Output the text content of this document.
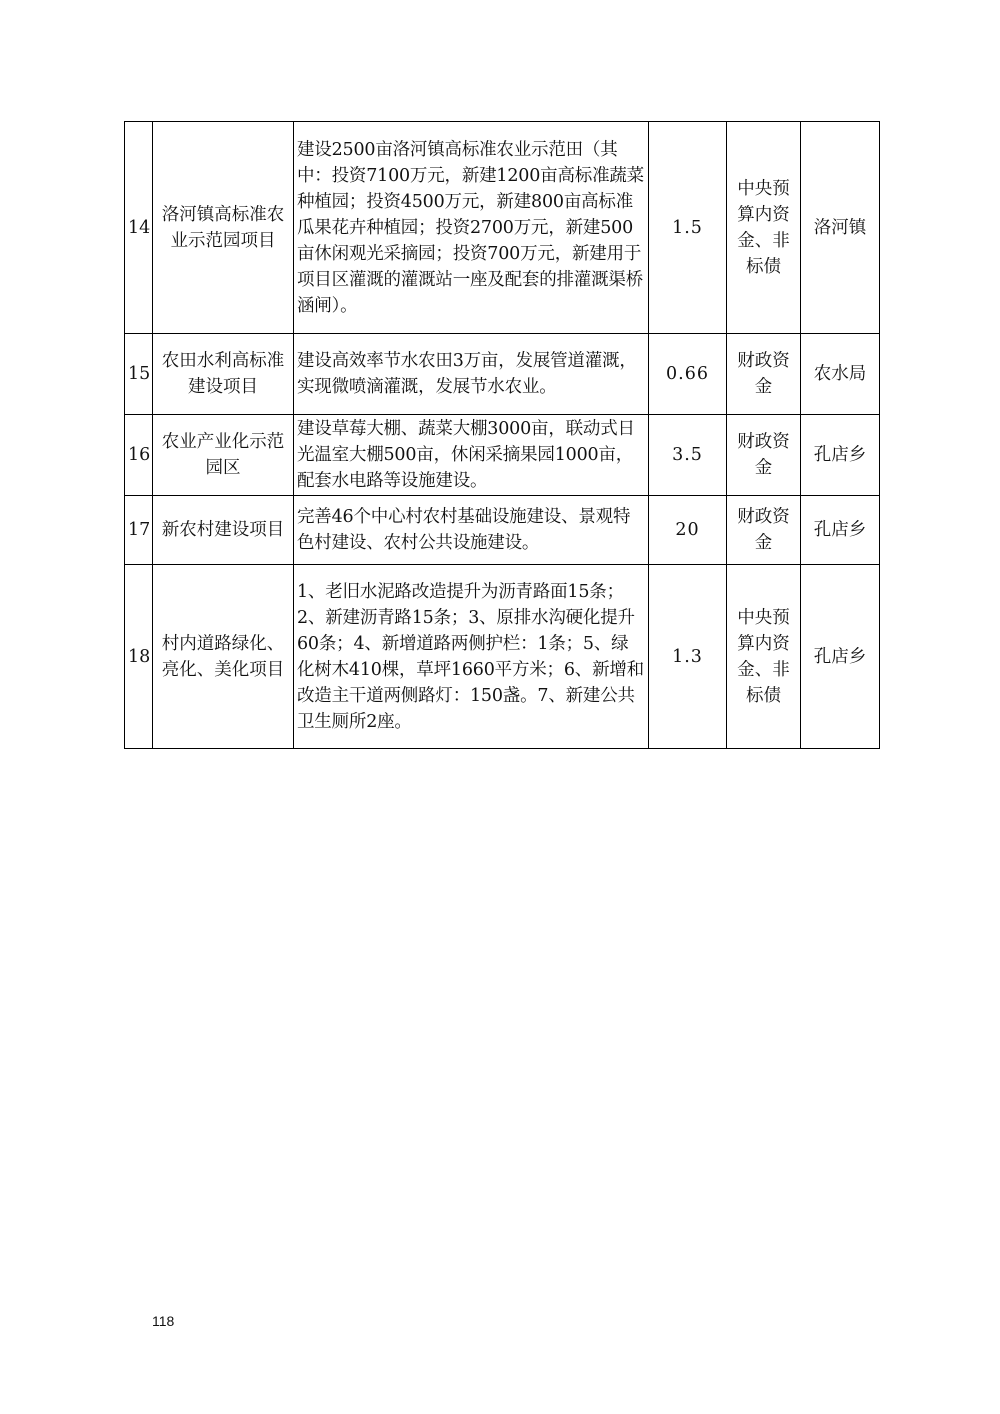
14	洛河镇高标准农业示范园项目	建设2500亩洛河镇高标准农业示范田（其中：投资7100万元，新建1200亩高标准蔬菜种植园；投资4500万元，新建800亩高标准瓜果花卉种植园；投资2700万元，新建500亩休闲观光采摘园；投资700万元，新建用于项目区灌溉的灌溉站一座及配套的排灌溉渠桥涵闸）。	1.5	中央预算内资金、非标债	洛河镇
15	农田水利高标准建设项目	建设高效率节水农田3万亩，发展管道灌溉，实现微喷滴灌溉，发展节水农业。	0.66	财政资金	农水局
16	农业产业化示范园区	建设草莓大棚、蔬菜大棚3000亩，联动式日光温室大棚500亩，休闲采摘果园1000亩，配套水电路等设施建设。	3.5	财政资金	孔店乡
17	新农村建设项目	完善46个中心村农村基础设施建设、景观特色村建设、农村公共设施建设。	20	财政资金	孔店乡
18	村内道路绿化、亮化、美化项目	1、老旧水泥路改造提升为沥青路面15条；2、新建沥青路15条；3、原排水沟硬化提升60条；4、新增道路两侧护栏：1条；5、绿化树木410棵，草坪1660平方米；6、新增和改造主干道两侧路灯：150盏。7、新建公共卫生厕所2座。	1.3	中央预算内资金、非标债	孔店乡
118
